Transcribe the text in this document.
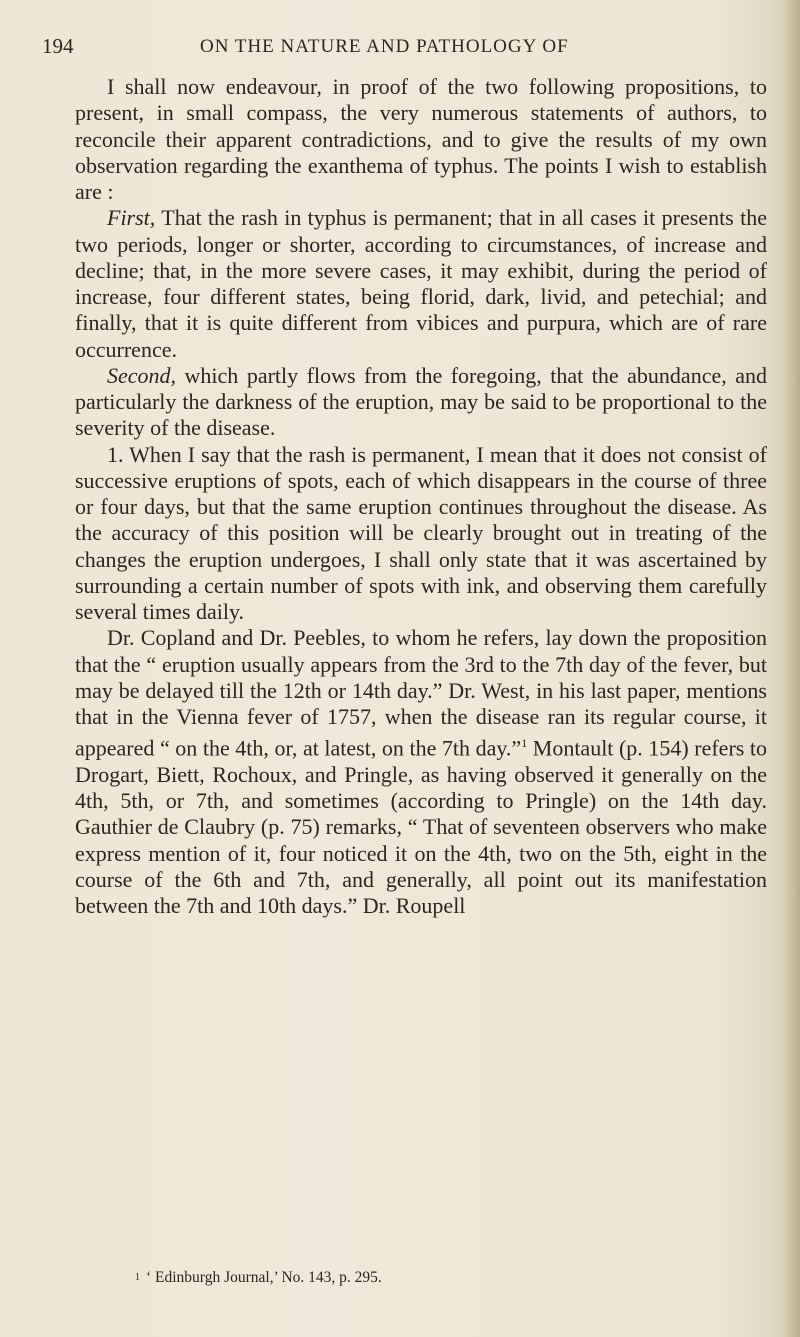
194	ON THE NATURE AND PATHOLOGY OF

I shall now endeavour, in proof of the two following propositions, to present, in small compass, the very numerous statements of authors, to reconcile their apparent contradictions, and to give the results of my own observation regarding the exanthema of typhus. The points I wish to establish are :

First, That the rash in typhus is permanent; that in all cases it presents the two periods, longer or shorter, according to circumstances, of increase and decline; that, in the more severe cases, it may exhibit, during the period of increase, four different states, being florid, dark, livid, and petechial; and finally, that it is quite different from vibices and purpura, which are of rare occurrence.

Second, which partly flows from the foregoing, that the abundance, and particularly the darkness of the eruption, may be said to be proportional to the severity of the disease.

1. When I say that the rash is permanent, I mean that it does not consist of successive eruptions of spots, each of which disappears in the course of three or four days, but that the same eruption continues throughout the disease. As the accuracy of this position will be clearly brought out in treating of the changes the eruption undergoes, I shall only state that it was ascertained by surrounding a certain number of spots with ink, and observing them carefully several times daily.

Dr. Copland and Dr. Peebles, to whom he refers, lay down the proposition that the “ eruption usually appears from the 3rd to the 7th day of the fever, but may be delayed till the 12th or 14th day.” Dr. West, in his last paper, mentions that in the Vienna fever of 1757, when the disease ran its regular course, it appeared “ on the 4th, or, at latest, on the 7th day.”$^1$ Montault (p. 154) refers to Drogart, Biett, Rochoux, and Pringle, as having observed it generally on the 4th, 5th, or 7th, and sometimes (according to Pringle) on the 14th day. Gauthier de Claubry (p. 75) remarks, “ That of seventeen observers who make express mention of it, four noticed it on the 4th, two on the 5th, eight in the course of the 6th and 7th, and generally, all point out its manifestation between the 7th and 10th days.” Dr. Roupell

$^1$ ‘ Edinburgh Journal,’ No. 143, p. 295.
